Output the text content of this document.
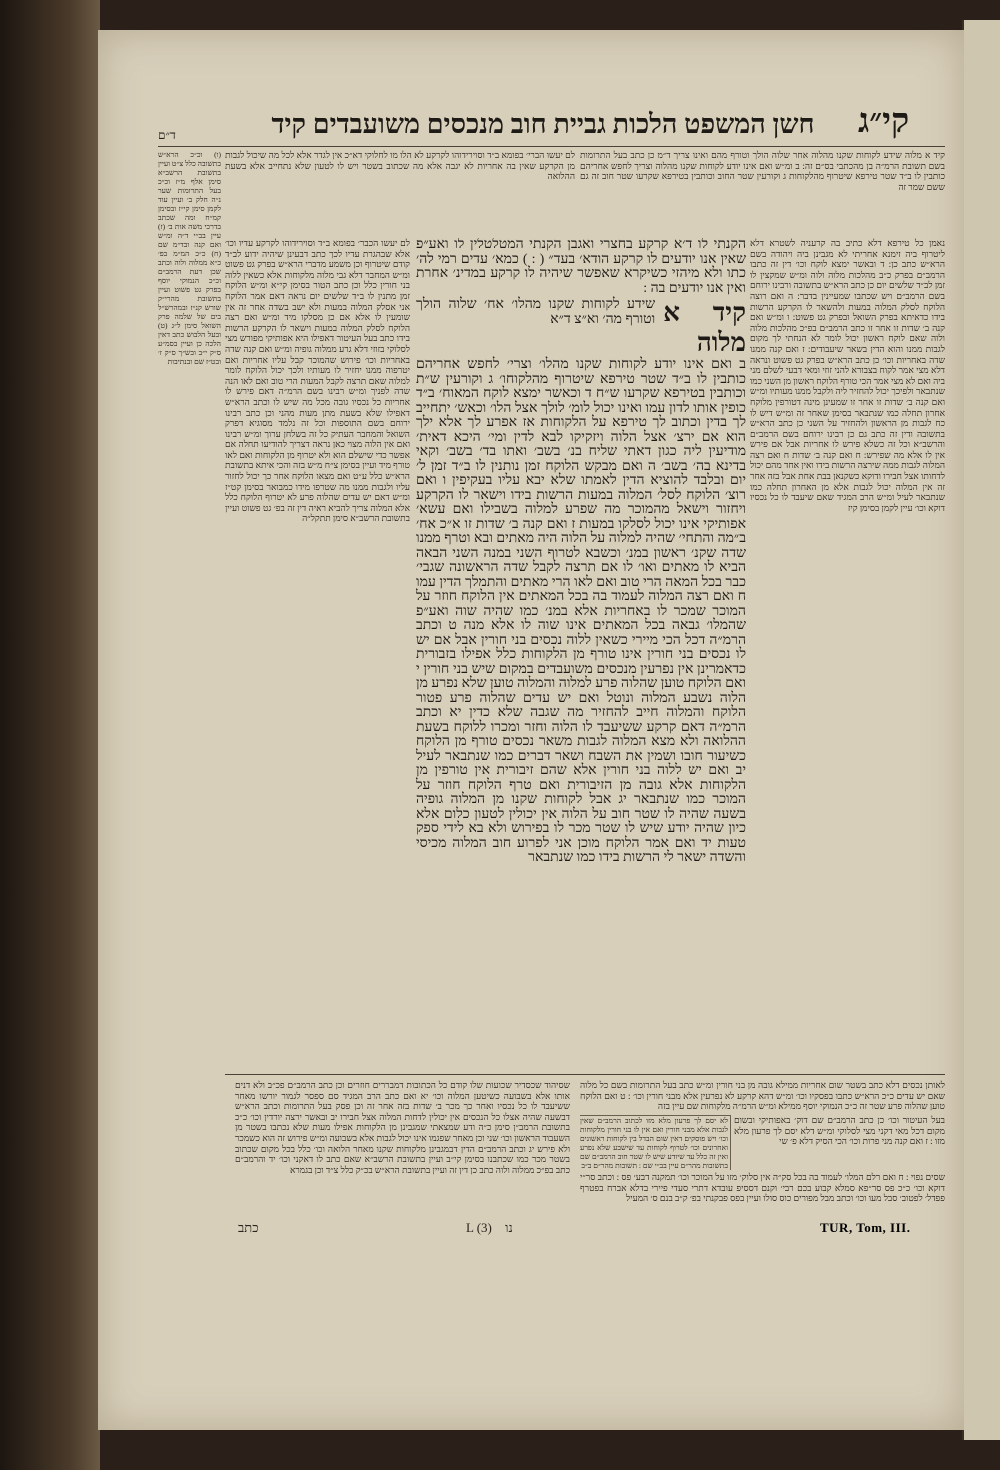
קי״ג
חשן המשפט הלכות גביית חוב מנכסים משועבדים קיד
ד״ם
קיד א מלוה שידע לקוחות שקנו מהלוה אחר שלוה הולך וטורף מהם ואינו צריך ד״מ כן כתב בעל התרומות בשם תשובת הרמ״ה בן מהכתבי בס״ם זה: ב ומ״ש ואם אינו יודע לקוחות שקנו מהלוה וצריך לחפש אחריהם כותבין לו ב״ד שטר טירפא שיטרוף מהלקוחות ג וקורעין שטר החוב וכותבין בטירפא שקרעו שטר חוב זה גם ששם שמר זה
נאמן כל טירפא דלא כתיב בה קרעניה לשטרא דלא ליטרוף ביה זימנא אחריתי לא מגבינן ביה ויהודה בשם הרא״ש כתב כן: ד ובאשר ימצא לוקח וכו׳ דין זה כתבו הרמב״ם בפרק כ״ב מהלכות מלוה ולוה ומ״ש שמקצין לו זמן לב״ד שלשים יום כן כתב הרא״ש בתשובה ורבינו ירוחם בשם הרמב״ם ויש שכתבו שמעיינין בדבר: ה ואם רוצה הלוקח לסלק המלוה במעות ולהשאר לו הקרקע הרשות בידו כדאיתא בפרק השואל ובפרק גט פשוט: ו ומ״ש ואם קנה ב׳ שדות זו אחר זו כתב הרמב״ם בפ״כ מהלכות מלוה ולוה שאם לוקח ראשון יכול לומר לא הנחתי לך מקום לגבות ממנו והוא הדין בשאר שיעבודים: ז ואם קנה ממנו שדה באחריות וכו׳ כן כתב הרא״ש בפרק גט פשוט ונראה דלא מצי אמר לקוח בצבורא להני זוזי ומאי דבעי לשלם מני ביה ואם לא מצי אמר הכי טורף הלוקח ראשון מן השני כמו שנתבאר ולפיכך יכול להחזיר ליה ולקבל ממנו מעותיו ומ״ש ואם קנה ב׳ שדות זו אחר זו שמעינן מינה דטורפין מלוקח אחרון תחלה כמו שנתבאר בסימן שאחר זה ומ״ש דיש לו כח לגבות מן הראשון ולהחזיר על השני כן כתב הרא״ש בתשובה ודין זה כתב גם כן רבינו ירוחם בשם הרמב״ם והרשב״א וכל זה כשלא פירש לו אחריות אבל אם פירש אין לו אלא מה שפירש: ח ואם קנה ב׳ שדות ח ואם רצה המלוה לגבות ממה שירצה הרשות בידו ואין אחד מהם יכול לדחותו אצל חבירו ודוקא כשקנאן בבת אחת אבל בזה אחר זה אין המלוה יכול לגבות אלא מן האחרון תחלה כמו שנתבאר לעיל ומ״ש הרב המגיד שאם שיעבד לו כל נכסיו דוקא וכו׳ עיין לקמן בסימן קיז
לם יעשו הברי׳ בפומא ב״ד וסוירידוהו לקרקע לא הלו מו לחלוקי דא״כ אין לגדר אלא לכל מה שיכול לגבות מן הקרקע שאין בה אחריות לא יגבה אלא מה שכתוב בשטר ויש לו לטעון שלא נתחייב אלא בשעת ההלואה
לם יעשו הכבר׳ בפומא ב״ד וסוירידוהו לקרקע עדיו וכו׳ אלא שבהגרת עדיו לכך כתב דבעינן שיהיה ידוע לב״ד קודם שיטרוף וכן משמע מדברי הרא״ש בפרק גט פשוט ומ״ש המחבר דלא גבי מלוה מלקוחות אלא כשאין ללוה בני חורין כלל וכן כתב הטור בסימן קי״א ומ״ש הלוקח זמן מתנין לו ב״ד שלשים יום נראה דאם אמר הלוקח אני אסלק המלוה במעות ולא ישב בשדה אחר זה אין שומעין לו אלא אם כן מסלקו מיד ומ״ש ואם רצה הלוקח לסלק המלוה במעות וישאר לו הקרקע הרשות בידו כתב בעל העיטור דאפילו היא אפותיקי מפורש מצי לסלוקי בזוזי דלא גרע ממלוה גופיה ומ״ש ואם קנה שדה באחריות וכו׳ פירוש שהמוכר קבל עליו אחריות ואם יטרפוה ממנו יחזיר לו מעותיו ולכך יכול הלוקח לומר למלוה שאם תרצה לקבל המעות הרי טוב ואם לאו הנה שדה לפניך ומ״ש רבינו בשם הרמ״ה דאם פירש לו אחריות כל נכסיו גובה מכל מה שיש לו וכתב הרא״ש דאפילו שלא בשעת מתן מעות מהני וכן כתב רבינו ירוחם בשם התוספות וכל זה נלמד מסוגיא דפרק השואל והמחבר העתיק כל זה בשלחן ערוך ומ״ש רבינו ואם אין הלוה מצוי כאן נראה דצריך להודיעו תחלה אם אפשר כדי שישלם הוא ולא יטרוף מן הלקוחות ואם לאו טורף מיד ועיין בסימן צ״ח מ״ש בזה והכי איתא בתשובת הרא״ש כלל ע״ט ואם מצאו הלוקח אחר כך יכול לחזור עליו ולגבות ממנו מה שטרפו מידו כמבואר בסימן קט״ז ומ״ש דאם יש עדים שהלוה פרע לא יטרוף הלוקח כלל אלא המלוה צריך להביא ראיה דין זה בפ׳ גט פשוט ועיין בתשובת הרשב״א סימן תתקל״ה
(ו) וכ״כ הרא״ש בתשובה כלל צ״ט ועיין בתשובת הרשב״א סימן אלף מ״ז וכ״כ בעל התרומות שער נ״ה חלק ב׳ ועיין עוד לקמן סימן קי״ז ובסימן קמ״ח ומה שכתב בדרכי משה אות ב׳ (ז) עיין בב״י ד״ה ומ״ש ואם קנה ובד״מ שם (ח) כ״כ המ״מ בפ׳ כ״א ממלוה ולוה וכתב שכן דעת הרמב״ם וכ״כ הנמוקי יוסף בפרק גט פשוט ועיין בתשובת מהרי״ק שורש קנ״ז ובמהרש״ל בים של שלמה פרק השואל סימן ל״ג (ט) ובעל הלבוש כתב דאין הלכה כן ועיין בסמ״ע ס״ק י״ב ובש״ך ס״ק ז׳ ובט״ז שם ובנתיבות
הקנתי לו ד׳א קרקע בחצרי ואגבן הקנתי המטלטלין לו ואע״פ שאין אנו יודעים לו קרקע הודא׳ בעד״ ( : ) כמא׳ עדים רמי לה׳ כתו ולא מיהזי כשיקרא שאפשר שיהיה לו קרקע במדינ׳ אחרת ואין אנו יודעים בה :
קיד א מלוה
שידע לקוחות שקנו מהלו׳ אח׳ שלוה הולך וטורף מה׳ וא״צ ד״א
ב ואם אינו יודע לקוחות שקנו מהלו׳ וצרי׳ לחפש אחריהם כותבין לו ב״ד שטר טירפא שיטרוף מהלקוחו׳ ג וקורעין ש״ת וכותבין בטירפא שקרעו ש״ח ד וכאשר ימצא לוקח המאוח׳ ב״ד כופין אותו לדון עמו ואינו יכול לומ׳ לולך אצל הלו׳ וכאש׳ יתחייב לך בדין וכתוב לך טירפא על הלקוחות אז אפרע לך אלא ילך הוא אם ירצ׳ אצל הלוה ויזקיקו לבא לדין ומי׳ היכא דאית׳ מודיעין ליה כגון דאתי שליח בנ׳ בשב׳ ואתו בד׳ בשב׳ וקאי בדינא בה׳ בשב׳ ה ואם מבקש הלוקח זמן נותנין לו ב״ד זמן ל׳ יום ובלבד להוציא הדין לאמתו שלא יבא עליו בעקיפין ו ואם רוצ׳ הלוקח לסל׳ המלוה במעות הרשות בידו וישאר לו הקרקע ויחזור וישאל מהמוכר מה שפרע למלוה בשבילו ואם עשא׳ אפותיקי אינו יכול לסלקו במעות ז ואם קנה ב׳ שדות זו א״כ אח׳ ב״מה והתחי׳ שהיה למלוה על הלוה היה מאתים ובא וטרף ממנו שדה שקנ׳ ראשון במנ׳ וכשבא לטרוף השני במנה השני הבאה הביא לו מאתים ואו׳ לו אם תרצה לקבל שדה הראשונה שגבי׳ כבר בכל המאה הרי טוב ואם לאו הרי מאתים והתמלך הדין עמו ח ואם רצה המלוה לעמוד בה בכל המאתים אין הלוקח חוזר על המוכר שמכר לו באחריות אלא במנ׳ כמו שהיה שוה ואע״פ שהמלו׳ גבאה בכל המאתים אינו שוה לו אלא מנה ט וכתב הרמ״ה דכל הכי מיירי כשאין ללוה נכסים בני חורין אבל אם יש לו נכסים בני חורין אינו טורף מן הלקוחות כלל אפילו בזבורית כדאמרינן אין נפרעין מנכסים משועבדים במקום שיש בני חורין י ואם הלוקח טוען שהלוה פרע למלוה והמלוה טוען שלא נפרע מן הלוה נשבע המלוה ונוטל ואם יש עדים שהלוה פרע פטור הלוקח והמלוה חייב להחזיר מה שגבה שלא כדין יא וכתב הרמ״ה דאם קרקע ששיעבד לו הלוה וחזר ומכרו ללוקח בשעת ההלואה ולא מצא המלוה לגבות משאר נכסים טורף מן הלוקח כשיעור חובו ושמין את השבח ושאר דברים כמו שנתבאר לעיל יב ואם יש ללוה בני חורין אלא שהם זיבורית אין טורפין מן הלקוחות אלא גובה מן הזיבורית ואם טרף הלוקח חוזר על המוכר כמו שנתבאר יג אבל לקוחות שקנו מן המלוה גופיה בשעה שהיה לו שטר חוב על הלוה אין יכולין לטעון כלום אלא כיון שהיה יודע שיש לו שטר מכר לו בפירוש ולא בא לידי ספק טעות יד ואם אמר הלוקח מוכן אני לפרוע חוב המלוה מכיסי והשדה ישאר לי הרשות בידו כמו שנתבאר
שסיהוד שכסדיר שכועות שלו קודם כל הכתובות דמבררים חוזרים וכן כתב הרמב״ם פכ״ב ולא דנים אותו אלא בשבועה כשיטען המלוה וכו׳ יא ואם כתב הרב המגיד סם ספסר לגמור יורשו מאחר ששיעבד לו כל נכסיו ואחר כך מכר ב׳ שדות בזה אחר זה וכן פסק בעל התרומות וכתב הרא״ש דבשעה שהיה אצלו כל הנכסים אין יכולין לדחות המלוה אצל חבירו יב ובאשר ירצה יורדין וכו׳ כ״כ בתשובת הרמב״ן סימן כ״ה ודע שמצאתי שמגבינן מן הלקוחות אפילו מעות שלא נכתבו בשטר מן השעבוד הראשון וכו׳ שני וכן מאחר שפגמו אינו יכול לגבות אלא בשבועה ומ״ש פירוש זה הוא כשמכר ולא פירש יג וכתב הרמב״ם הדין דבמגבינן מלקוחות שקנו מאחר הלואה וכו׳ כלל בכל מקום שכתוב בשטר מכר כמו שכתבנו בסימן קי״ב ועיין בתשובת הרשב״א שאם כתב לו דאקני וכו׳ יד והרמב״ם כתב בפ״כ ממלוה ולוה כתב כן דין זה ועיין בתשובת הרא״ש בכ״ק כלל צ״ד וכן בגמרא
לאותן נכסים דלא כתב בשטר שום אחריות ממילא גובה מן בני חורין ומ״ש כתב בעל התרומות בשם כל מלוה שאם יש עדים כ״כ הרא״ש כתבו בפסקיו וכו׳ ומ״ש דהא קרקע לא נפרעין אלא מבני חורין וכו׳ : ט ואם הלוקח טוען שהלוה פרע שטר זה כ״כ הנמוקי יוסף ממילא ומ״ש הרמ״ה מלקוחות שם עיין בזה
לא יסם לך פרעון מלא מזו לכתוב הרמב״ם שאין לגבות אלא מבני חורין ואם אין לו בני חורין מלקוחות וכו׳ ויש פוסקים דאין שום הבדל בין לקוחות ראשונים ואחרונים וכו׳ לטרוף לקוחות עד שישבע שלא נפרע ואין זה כלל עד שיודע שיש לו שטר חוב הרמב״ם שם בתשובות מהר״ם עיין בב״י שם : תשובות מהר״ם ב״ב
בעל העיטור וכו׳ כן כתב הרמב״ם שם דוק׳ באפותיקי ובשום מקום דכל מאי דקני מצי לסלוקי ומ״ש דלא יסם לך פרעון מלא מזו : ז ואם קנה מני פרות וכו׳ הכי הסיק דלא פ׳ שי
שסים נפוי : ח ואם רלם המלו׳ לעמוד בה בכל סק״ה אין סלוק׳ מזו על המוכר וכו׳ תמקנה דבע׳ פס : וכתב סר״י דוקא וכו׳ כ״כ פס סר״פא סמלא קבוע בכם רבי׳ וקנם דססיפ עובדא דתרי סעדי פיירי בדלא אברח בפטרף פפדל׳ לפטוב׳ סבל מעו וכו׳ וכתב מבל מפורים כוס סולו ועיין בפס פבקנתי בפ׳ ק״ב בנם ס׳ המעיל
כתב	L (3) נו	TUR, Tom, III.
